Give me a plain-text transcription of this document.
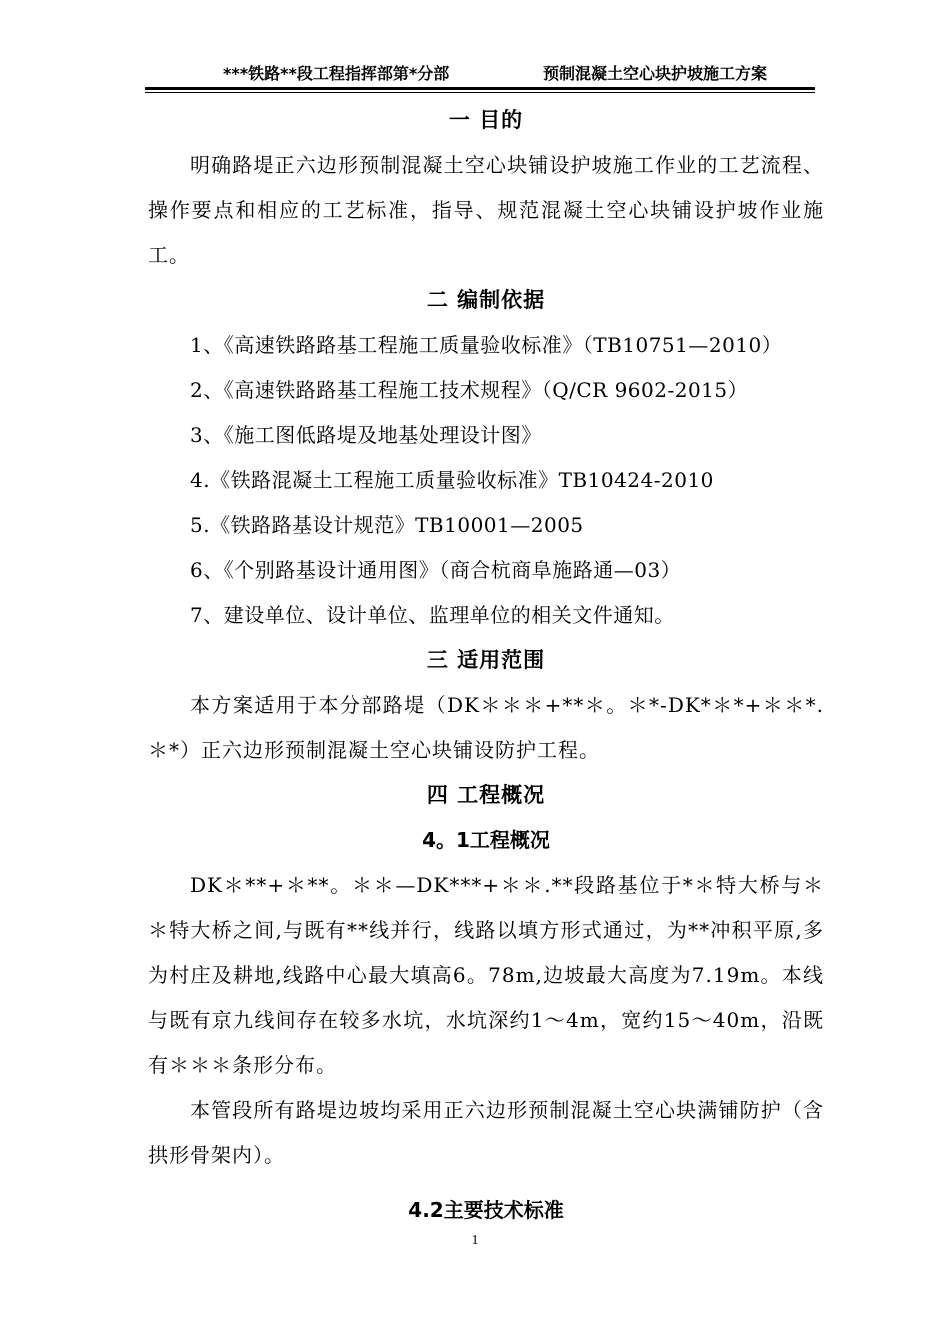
***铁路**段工程指挥部第*分部	预制混凝土空心块护坡施工方案
一 目的
明确路堤正六边形预制混凝土空心块铺设护坡施工作业的工艺流程、操作要点和相应的工艺标准，指导、规范混凝土空心块铺设护坡作业施工。
二 编制依据
1、《高速铁路路基工程施工质量验收标准》（TB10751—2010）
2、《高速铁路路基工程施工技术规程》（Q/CR 9602-2015）
3、《施工图低路堤及地基处理设计图》
4.《铁路混凝土工程施工质量验收标准》TB10424-2010
5.《铁路路基设计规范》TB10001—2005
6、《个别路基设计通用图》（商合杭商阜施路通—03）
7、建设单位、设计单位、监理单位的相关文件通知。
三 适用范围
本方案适用于本分部路堤（DK＊＊＊+**＊。＊*-DK*＊*+＊＊*.＊*）正六边形预制混凝土空心块铺设防护工程。
四 工程概况
4。1工程概况
DK＊**+＊**。＊＊—DK***+＊＊.**段路基位于*＊特大桥与＊＊特大桥之间,与既有**线并行，线路以填方形式通过，为**冲积平原,多为村庄及耕地,线路中心最大填高6。78m,边坡最大高度为7.19m。本线与既有京九线间存在较多水坑，水坑深约1～4m，宽约15～40m，沿既有＊＊＊条形分布。
本管段所有路堤边坡均采用正六边形预制混凝土空心块满铺防护（含拱形骨架内）。
4.2主要技术标准
1
